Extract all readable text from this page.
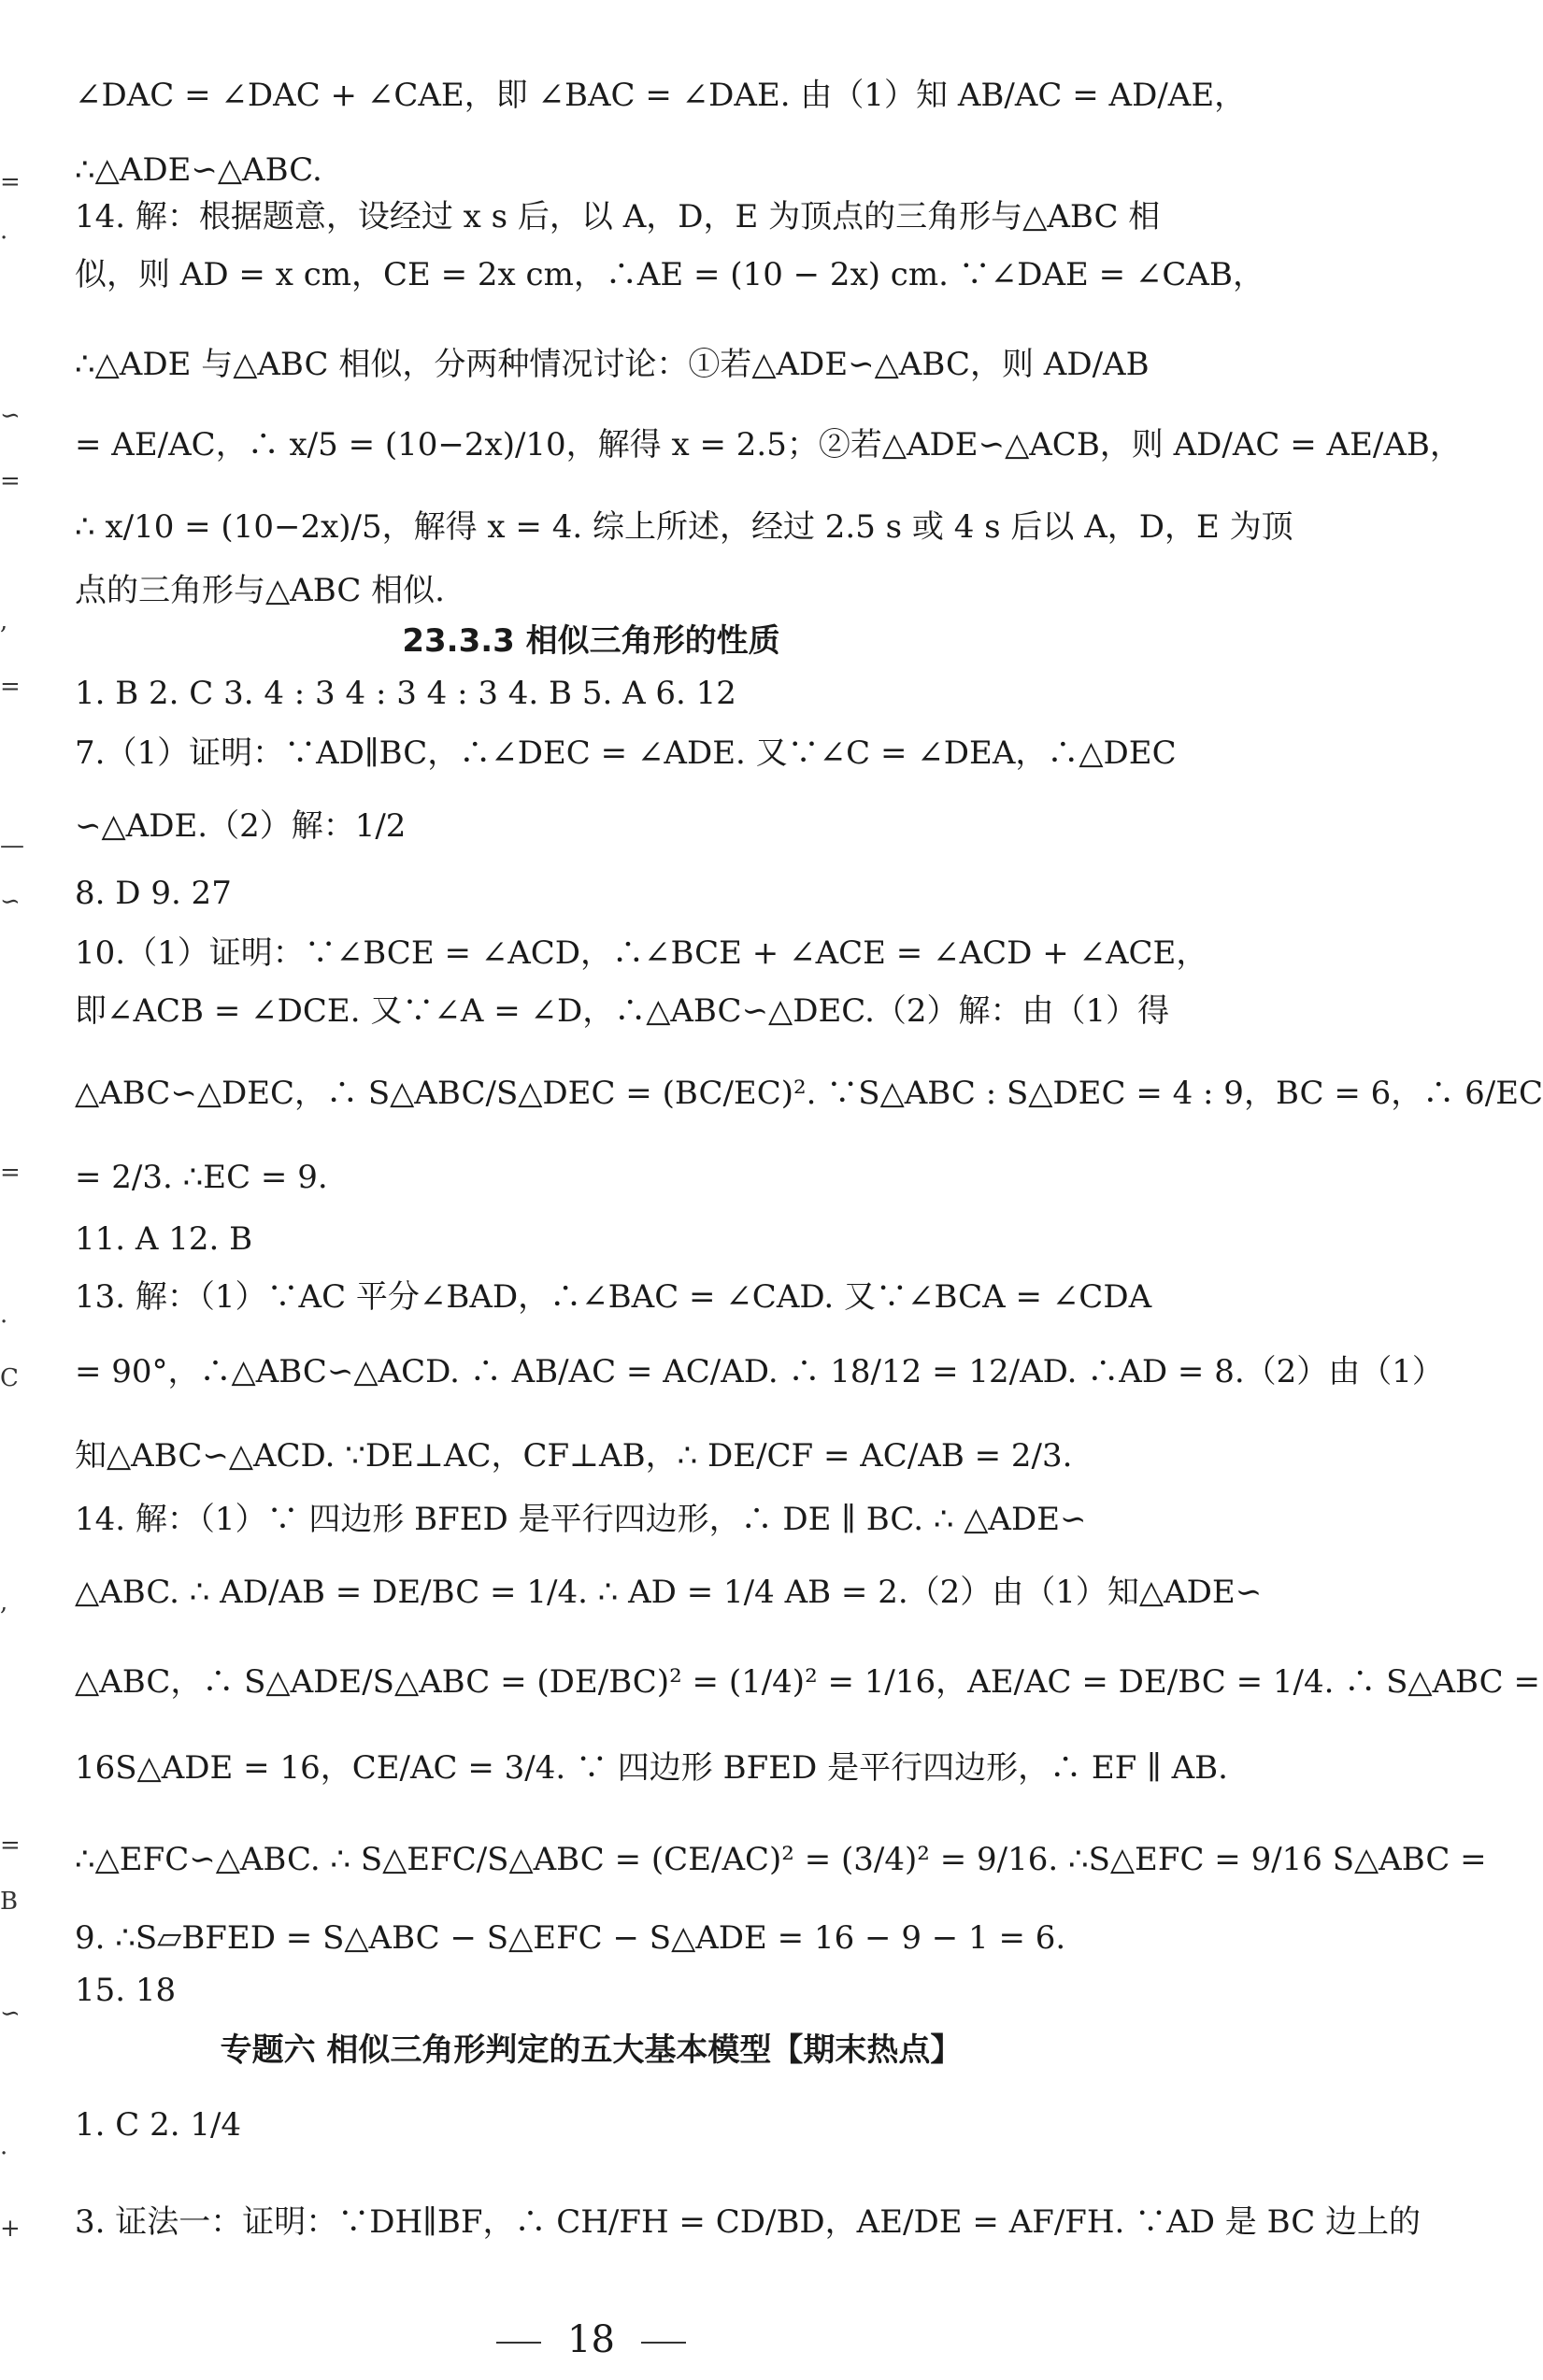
=
·
∽
=
,
=
—
∽
=
·
C
,
=
B
∽
·
+
∠DAC = ∠DAC + ∠CAE，即 ∠BAC = ∠DAE. 由（1）知 AB/AC = AD/AE，
∴△ADE∽△ABC.
14. 解：根据题意，设经过 x s 后，以 A，D，E 为顶点的三角形与△ABC 相
似，则 AD = x cm，CE = 2x cm，∴AE = (10 − 2x) cm. ∵∠DAE = ∠CAB，
∴△ADE 与△ABC 相似，分两种情况讨论：①若△ADE∽△ABC，则 AD/AB
= AE/AC，∴ x/5 = (10−2x)/10，解得 x = 2.5；②若△ADE∽△ACB，则 AD/AC = AE/AB，
∴ x/10 = (10−2x)/5，解得 x = 4. 综上所述，经过 2.5 s 或 4 s 后以 A，D，E 为顶
点的三角形与△ABC 相似.
23.3.3 相似三角形的性质
1. B 2. C 3. 4 : 3 4 : 3 4 : 3 4. B 5. A 6. 12
7.（1）证明：∵AD∥BC，∴∠DEC = ∠ADE. 又∵∠C = ∠DEA，∴△DEC
∽△ADE.（2）解：1/2
8. D 9. 27
10.（1）证明：∵∠BCE = ∠ACD，∴∠BCE + ∠ACE = ∠ACD + ∠ACE，
即∠ACB = ∠DCE. 又∵∠A = ∠D，∴△ABC∽△DEC.（2）解：由（1）得
△ABC∽△DEC，∴ S△ABC/S△DEC = (BC/EC)². ∵S△ABC : S△DEC = 4 : 9，BC = 6，∴ 6/EC
= 2/3. ∴EC = 9.
11. A 12. B
13. 解：（1）∵AC 平分∠BAD，∴∠BAC = ∠CAD. 又∵∠BCA = ∠CDA
= 90°，∴△ABC∽△ACD. ∴ AB/AC = AC/AD. ∴ 18/12 = 12/AD. ∴AD = 8.（2）由（1）
知△ABC∽△ACD. ∵DE⊥AC，CF⊥AB，∴ DE/CF = AC/AB = 2/3.
14. 解：（1）∵ 四边形 BFED 是平行四边形，∴ DE ∥ BC. ∴ △ADE∽
△ABC. ∴ AD/AB = DE/BC = 1/4. ∴ AD = 1/4 AB = 2.（2）由（1）知△ADE∽
△ABC，∴ S△ADE/S△ABC = (DE/BC)² = (1/4)² = 1/16，AE/AC = DE/BC = 1/4. ∴ S△ABC =
16S△ADE = 16，CE/AC = 3/4. ∵ 四边形 BFED 是平行四边形，∴ EF ∥ AB.
∴△EFC∽△ABC. ∴ S△EFC/S△ABC = (CE/AC)² = (3/4)² = 9/16. ∴S△EFC = 9/16 S△ABC =
9. ∴S▱BFED = S△ABC − S△EFC − S△ADE = 16 − 9 − 1 = 6.
15. 18
专题六 相似三角形判定的五大基本模型【期末热点】
1. C 2. 1/4
3. 证法一：证明：∵DH∥BF，∴ CH/FH = CD/BD，AE/DE = AF/FH. ∵AD 是 BC 边上的
18
